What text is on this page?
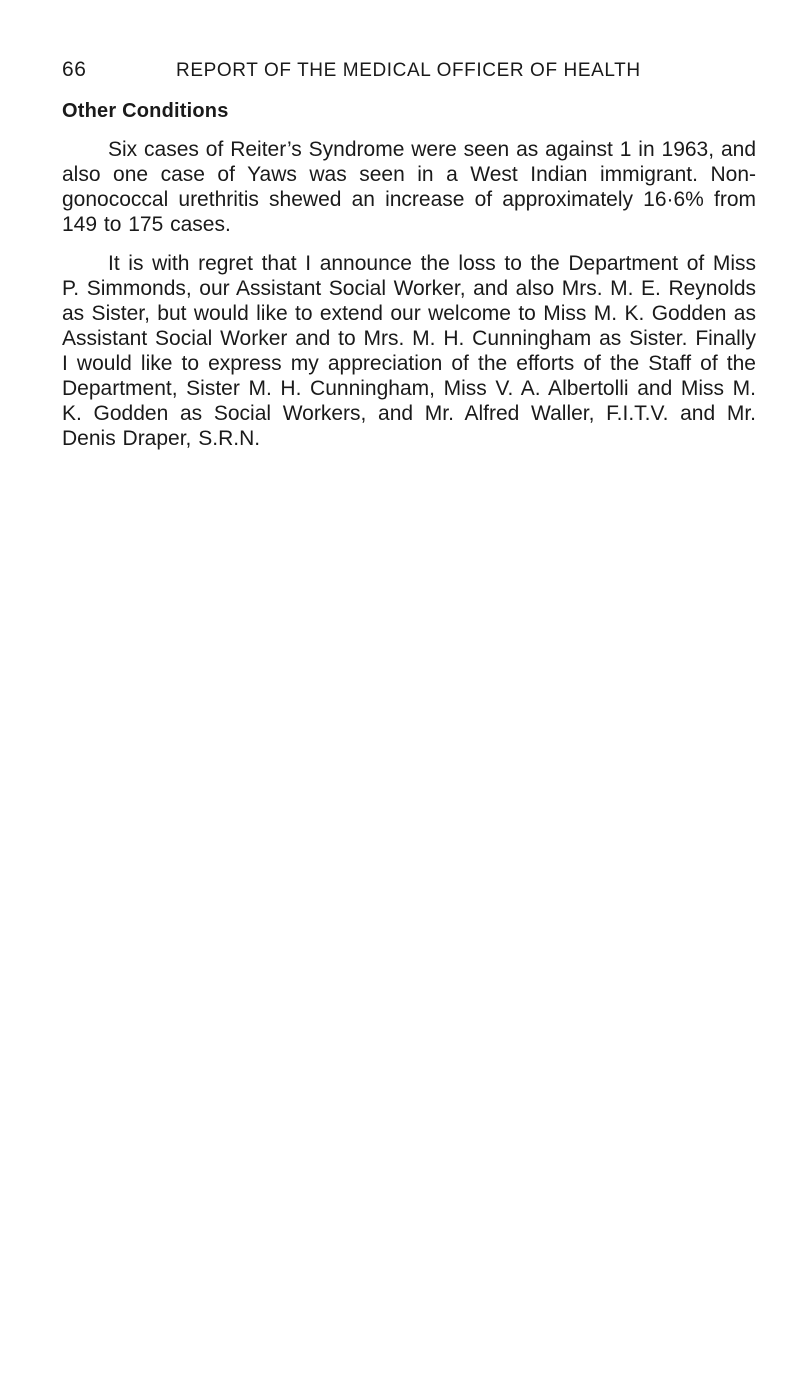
66	REPORT OF THE MEDICAL OFFICER OF HEALTH
Other Conditions

Six cases of Reiter’s Syndrome were seen as against 1 in 1963, and also one case of Yaws was seen in a West Indian immigrant. Non-gonococcal urethritis shewed an increase of approximately 16·6% from 149 to 175 cases.

It is with regret that I announce the loss to the Department of Miss P. Simmonds, our Assistant Social Worker, and also Mrs. M. E. Reynolds as Sister, but would like to extend our welcome to Miss M. K. Godden as Assistant Social Worker and to Mrs. M. H. Cunningham as Sister. Finally I would like to express my appreciation of the efforts of the Staff of the Department, Sister M. H. Cunningham, Miss V. A. Albertolli and Miss M. K. Godden as Social Workers, and Mr. Alfred Waller, F.I.T.V. and Mr. Denis Draper, S.R.N.
